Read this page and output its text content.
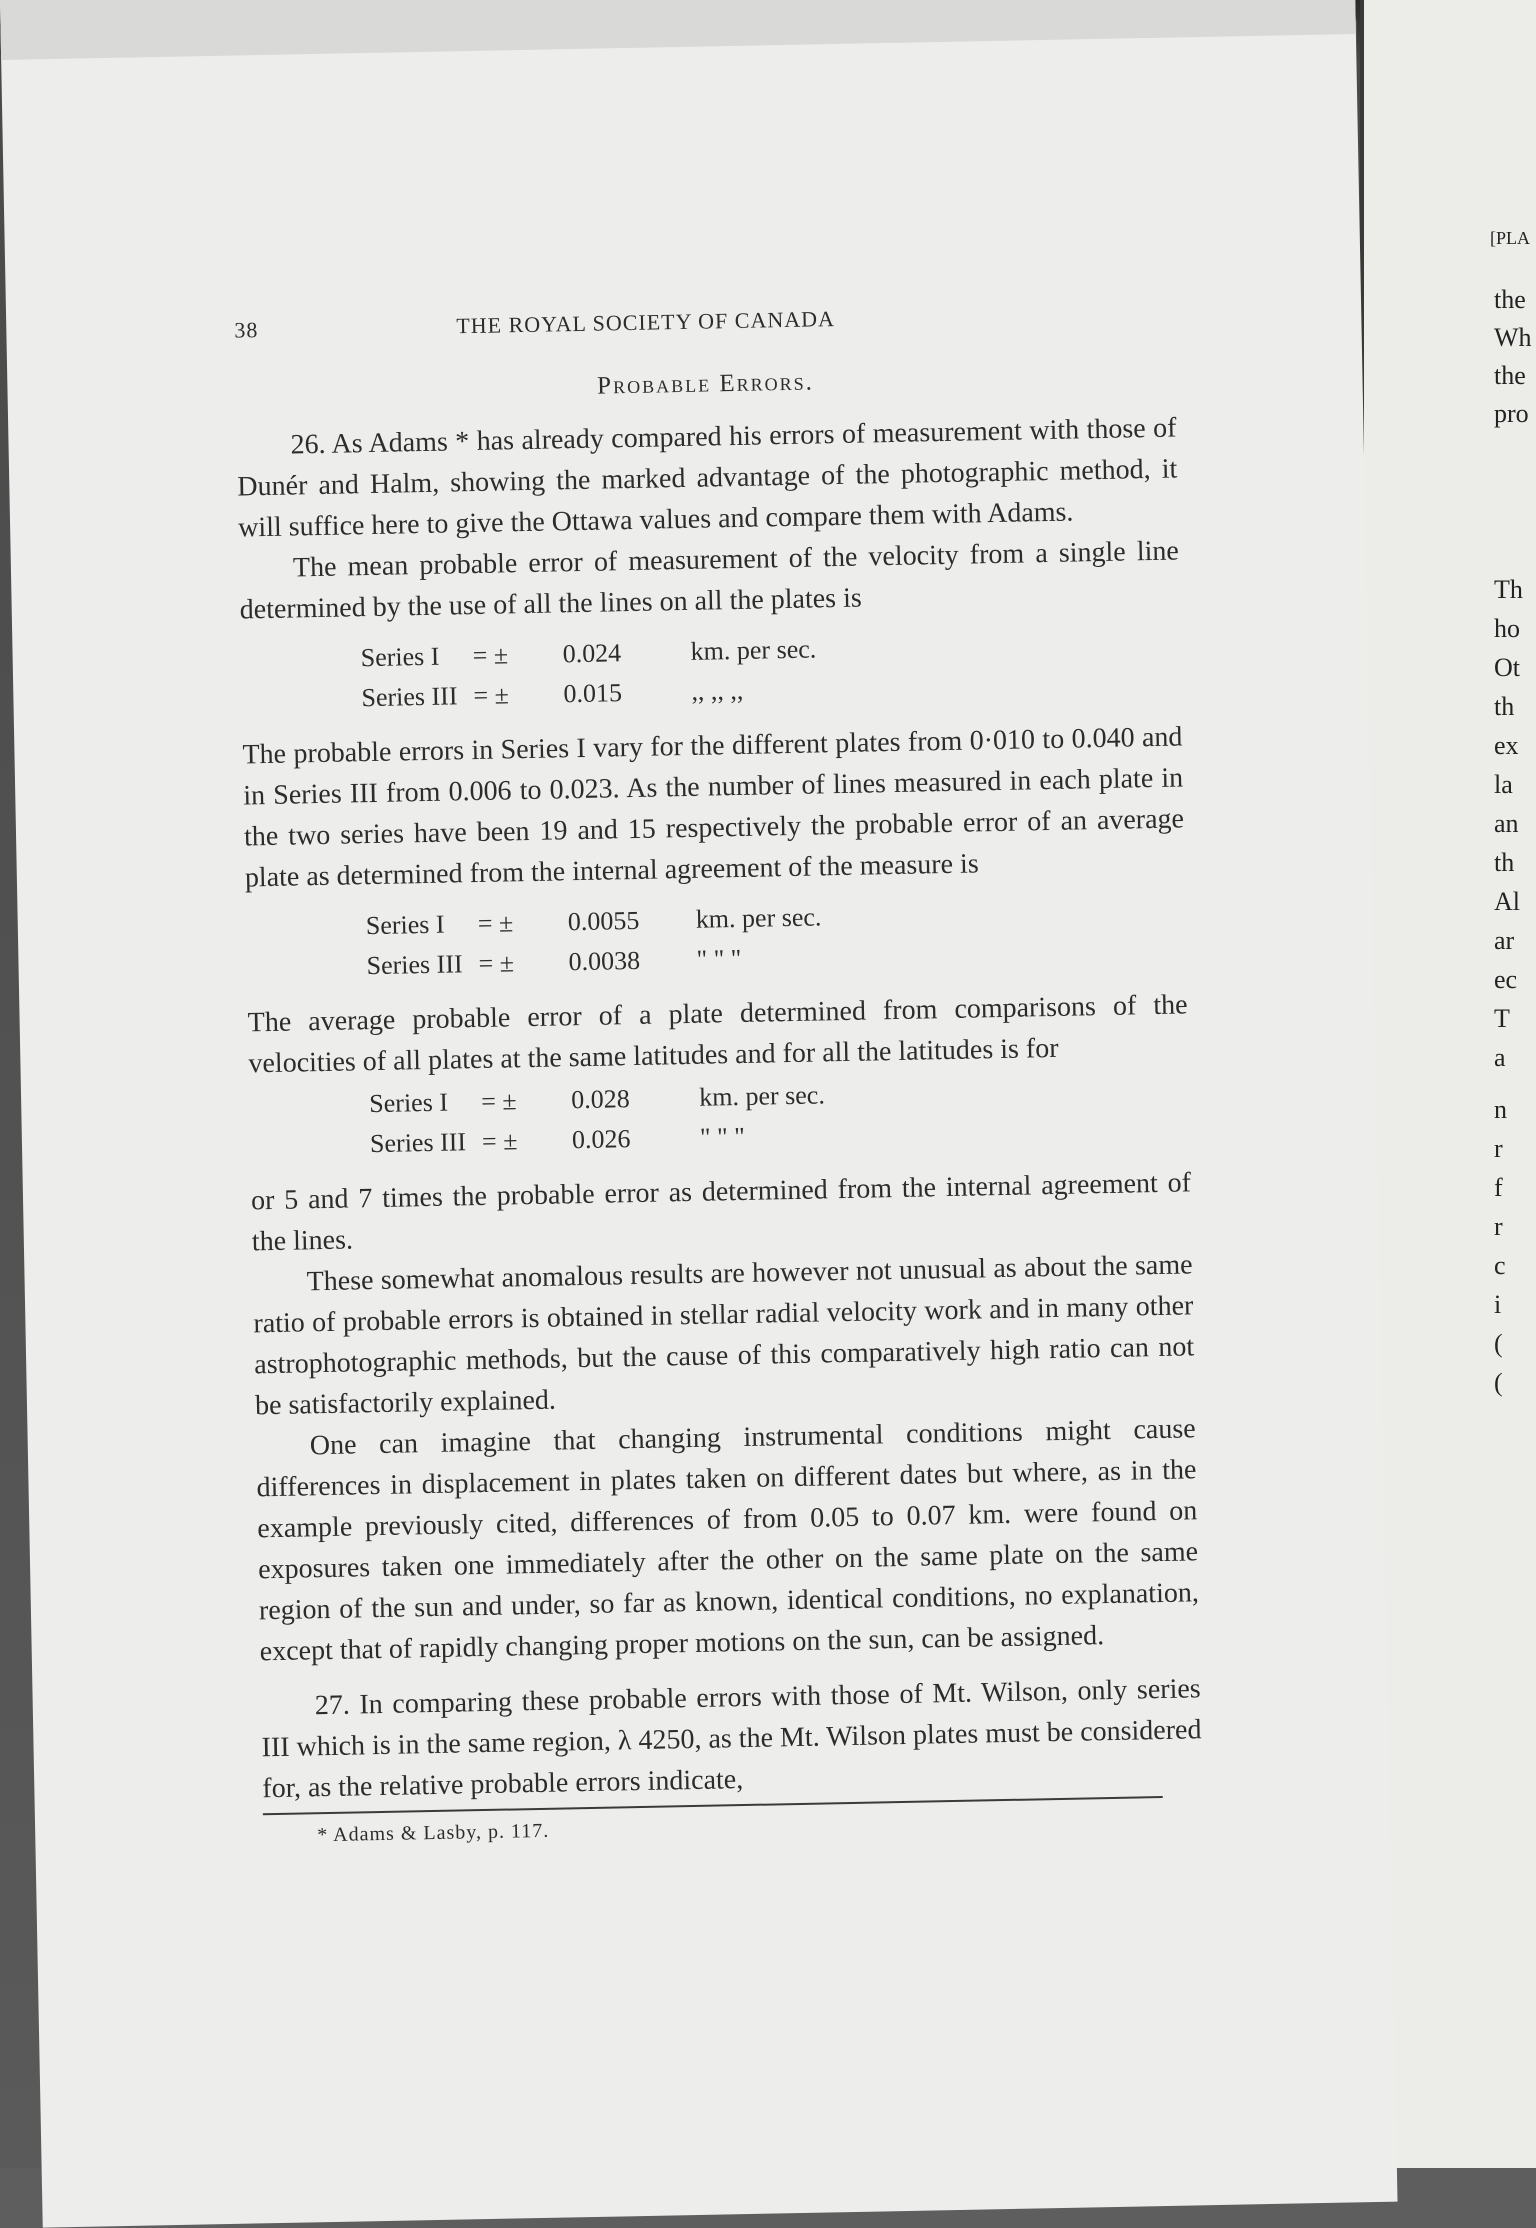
[PLA
the
Wh
the
pro
Th
ho
Ot
th
ex
la
an
th
Al
ar
ec
T
a
n
r
f
r
c
i
(
(
38	THE ROYAL SOCIETY OF CANADA
Probable Errors.

26. As Adams * has already compared his errors of measurement with those of Dunér and Halm, showing the marked advantage of the photographic method, it will suffice here to give the Ottawa values and compare them with Adams.

The mean probable error of measurement of the velocity from a single line determined by the use of all the lines on all the plates is

Series I	= ±	0.024	km. per sec.
Series III = ±	0.015	,, ,, ,,

The probable errors in Series I vary for the different plates from 0·010 to 0.040 and in Series III from 0.006 to 0.023. As the number of lines measured in each plate in the two series have been 19 and 15 respectively the probable error of an average plate as determined from the internal agreement of the measure is

Series I	= ±	0.0055	km. per sec.
Series III = ±	0.0038	" " "

The average probable error of a plate determined from comparisons of the velocities of all plates at the same latitudes and for all the latitudes is for

Series I	= ±	0.028	km. per sec.
Series III = ±	0.026	" " "

or 5 and 7 times the probable error as determined from the internal agreement of the lines.

These somewhat anomalous results are however not unusual as about the same ratio of probable errors is obtained in stellar radial velocity work and in many other astrophotographic methods, but the cause of this comparatively high ratio can not be satisfactorily explained.

One can imagine that changing instrumental conditions might cause differences in displacement in plates taken on different dates but where, as in the example previously cited, differences of from 0.05 to 0.07 km. were found on exposures taken one immediately after the other on the same plate on the same region of the sun and under, so far as known, identical conditions, no explanation, except that of rapidly changing proper motions on the sun, can be assigned.

27. In comparing these probable errors with those of Mt. Wilson, only series III which is in the same region, λ 4250, as the Mt. Wilson plates must be considered for, as the relative probable errors indicate,

* Adams & Lasby, p. 117.
